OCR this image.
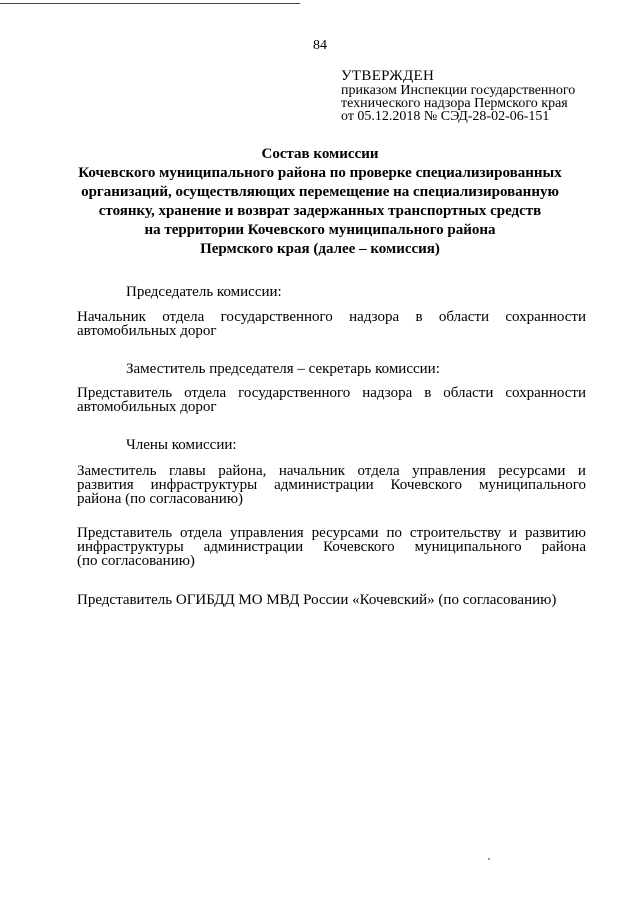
84
УТВЕРЖДЕН
приказом Инспекции государственного
технического надзора Пермского края
от 05.12.2018 № СЭД-28-02-06-151
Состав комиссии
Кочевского муниципального района по проверке специализированных
организаций, осуществляющих перемещение на специализированную
стоянку, хранение и возврат задержанных транспортных средств
на территории Кочевского муниципального района
Пермского края (далее – комиссия)
Председатель комиссии:
Начальник отдела государственного надзора в области сохранности
автомобильных дорог
Заместитель председателя – секретарь комиссии:
Представитель отдела государственного надзора в области сохранности
автомобильных дорог
Члены комиссии:
Заместитель главы района, начальник отдела управления ресурсами и
развития инфраструктуры администрации Кочевского муниципального
района (по согласованию)
Представитель отдела управления ресурсами по строительству и развитию
инфраструктуры администрации Кочевского муниципального района
(по согласованию)
Представитель ОГИБДД МО МВД России «Кочевский» (по согласованию)
